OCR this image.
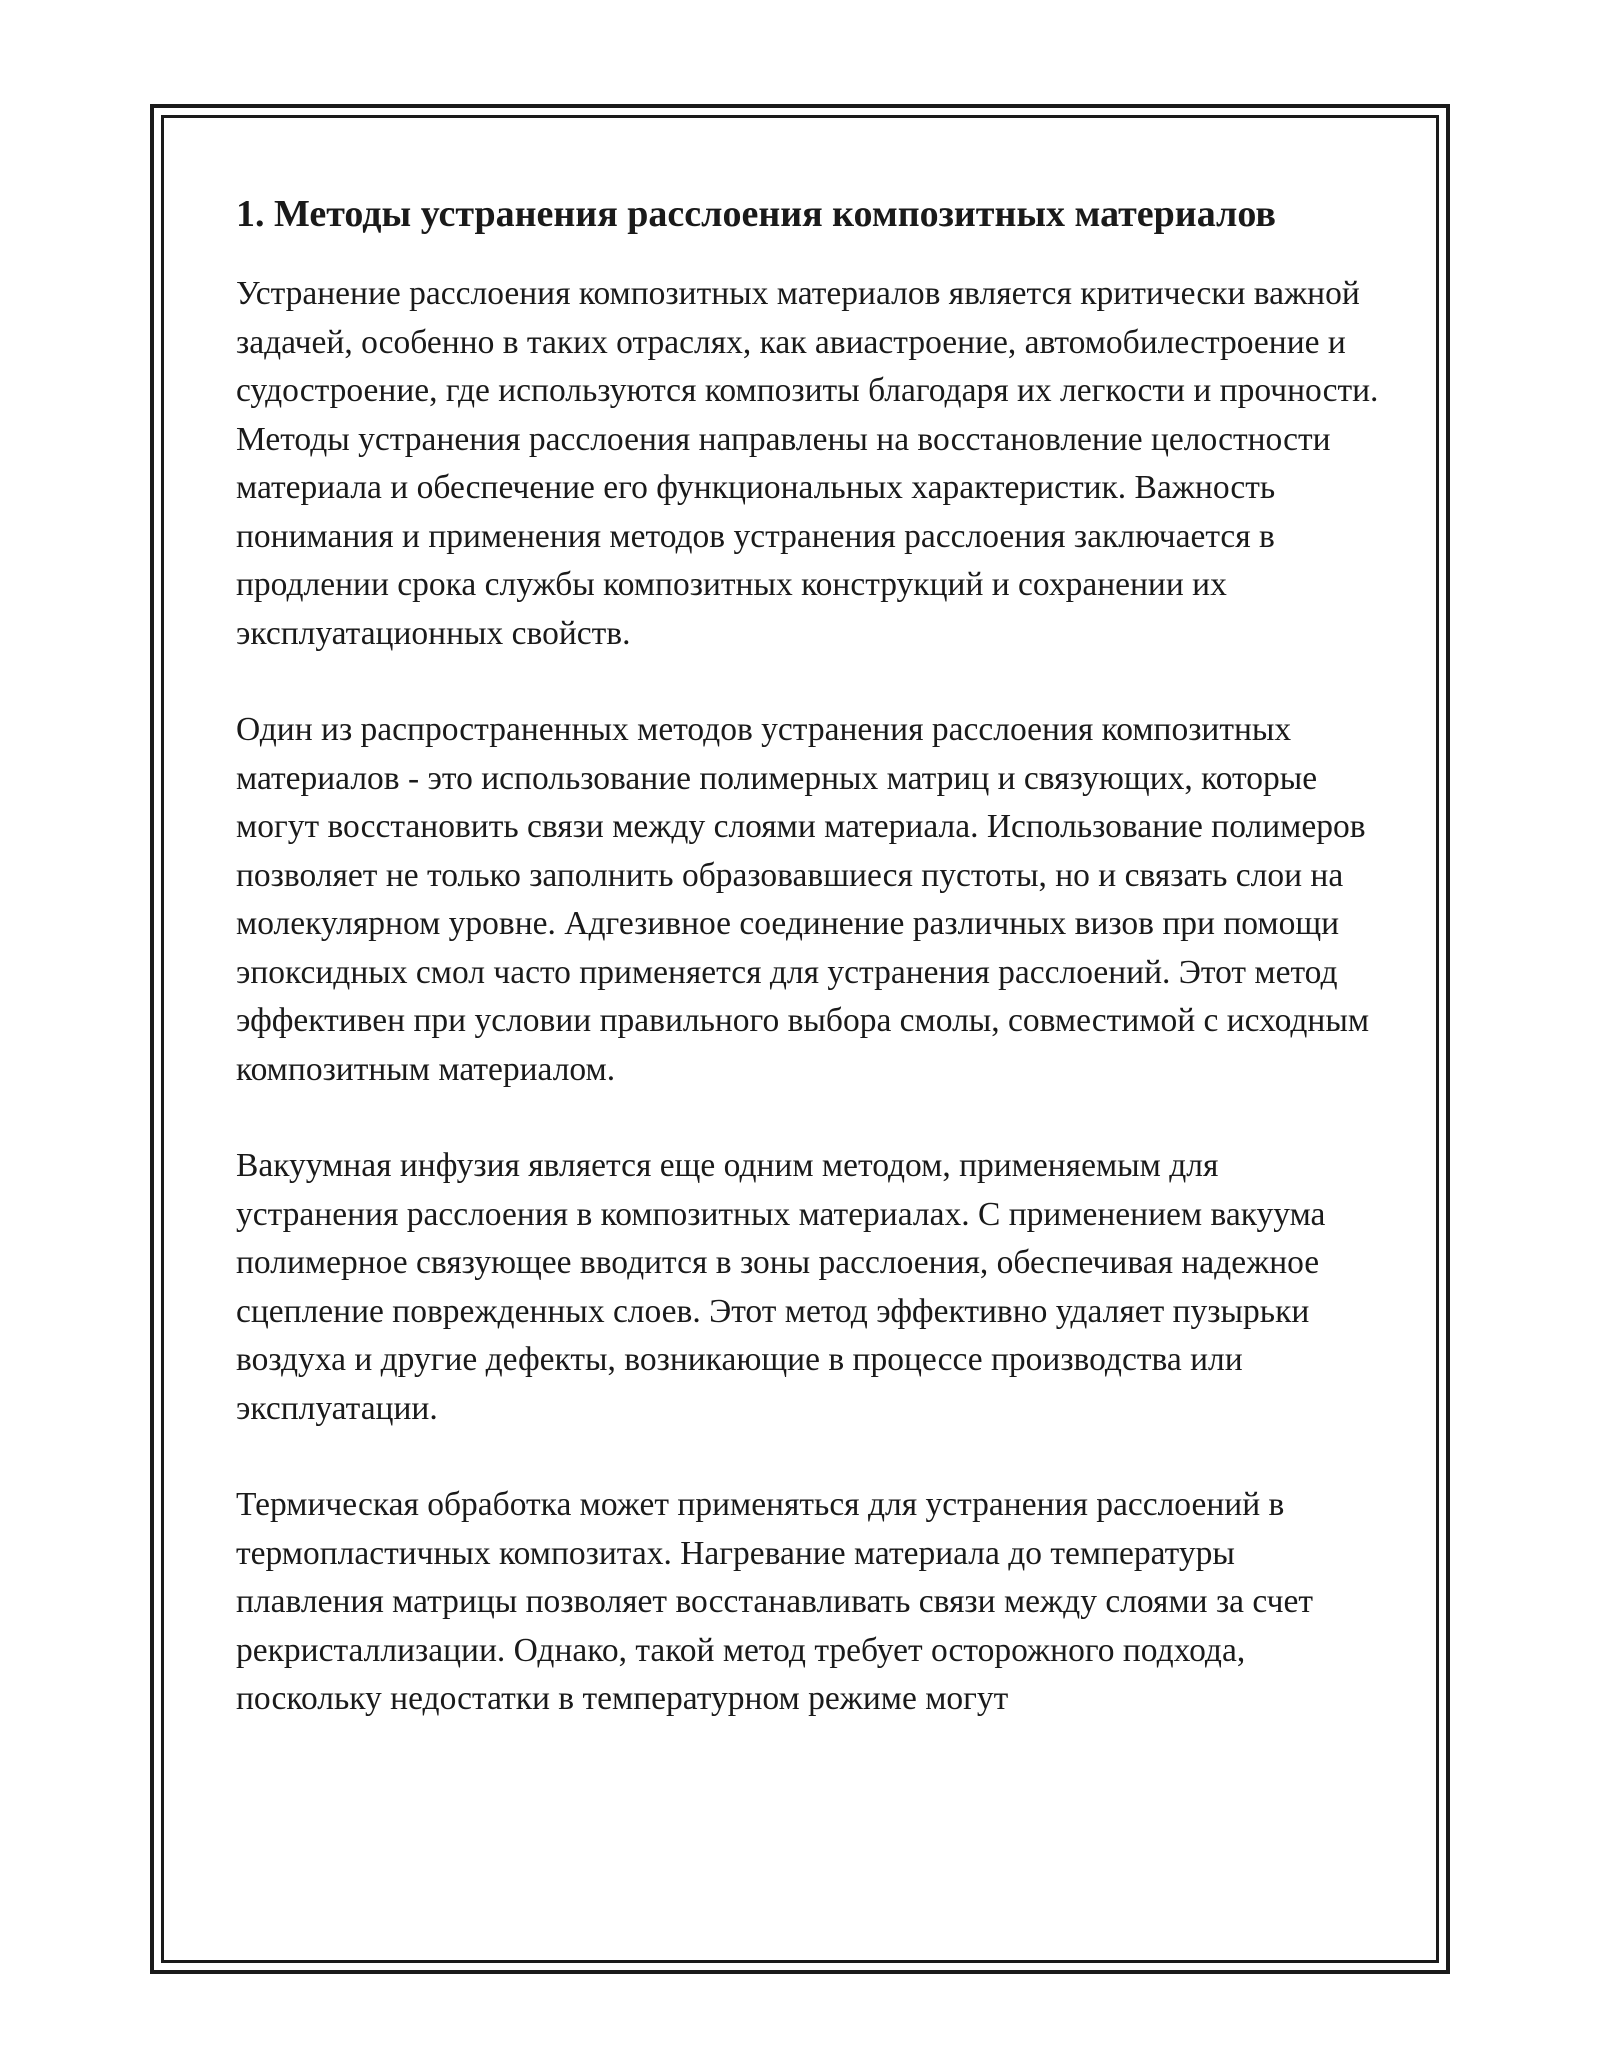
1. Методы устранения расслоения композитных материалов

Устранение расслоения композитных материалов является критически важной задачей, особенно в таких отраслях, как авиастроение, автомобилестроение и судостроение, где используются композиты благодаря их легкости и прочности. Методы устранения расслоения направлены на восстановление целостности материала и обеспечение его функциональных характеристик. Важность понимания и применения методов устранения расслоения заключается в продлении срока службы композитных конструкций и сохранении их эксплуатационных свойств.

Один из распространенных методов устранения расслоения композитных материалов - это использование полимерных матриц и связующих, которые могут восстановить связи между слоями материала. Использование полимеров позволяет не только заполнить образовавшиеся пустоты, но и связать слои на молекулярном уровне. Адгезивное соединение различных визов при помощи эпоксидных смол часто применяется для устранения расслоений. Этот метод эффективен при условии правильного выбора смолы, совместимой с исходным композитным материалом.

Вакуумная инфузия является еще одним методом, применяемым для устранения расслоения в композитных материалах. С применением вакуума полимерное связующее вводится в зоны расслоения, обеспечивая надежное сцепление поврежденных слоев. Этот метод эффективно удаляет пузырьки воздуха и другие дефекты, возникающие в процессе производства или эксплуатации.

Термическая обработка может применяться для устранения расслоений в термопластичных композитах. Нагревание материала до температуры плавления матрицы позволяет восстанавливать связи между слоями за счет рекристаллизации. Однако, такой метод требует осторожного подхода, поскольку недостатки в температурном режиме могут
